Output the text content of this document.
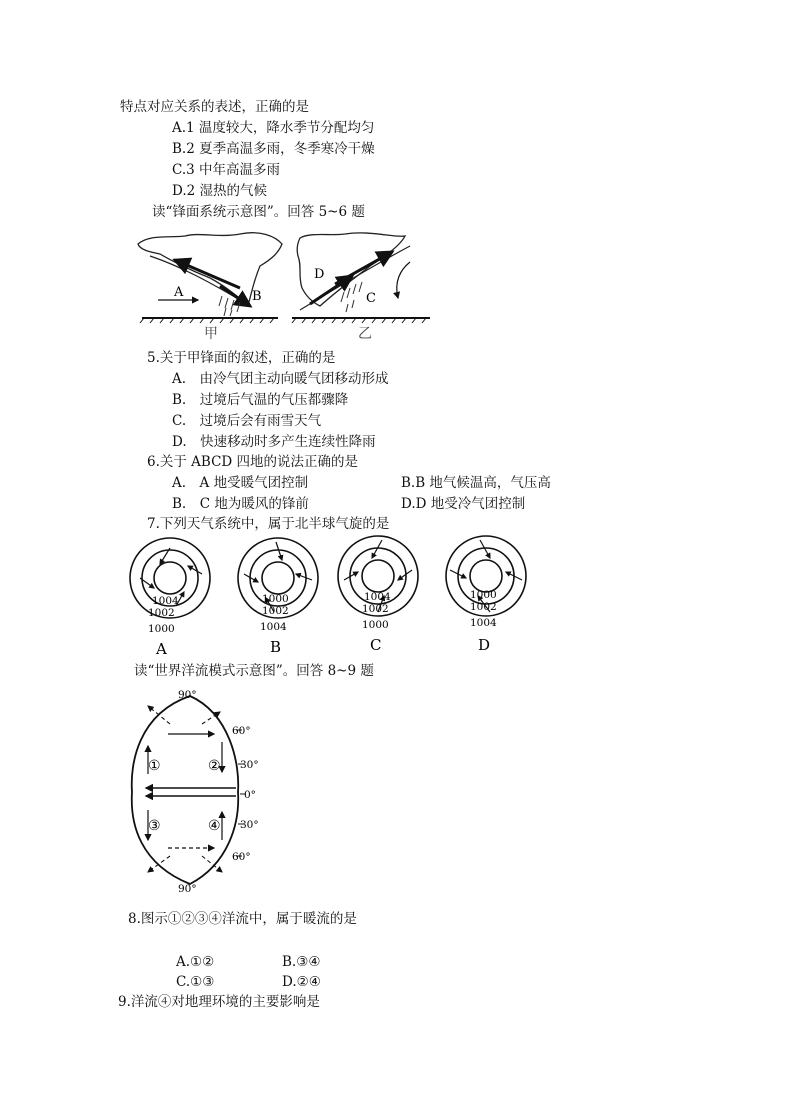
特点对应关系的表述，正确的是
A.1 温度较大，降水季节分配均匀
B.2 夏季高温多雨，冬季寒冷干燥
C.3 中年高温多雨
D.2 湿热的气候
读“锋面系统示意图”。回答 5~6 题
A	B
甲
D
C
乙
5.关于甲锋面的叙述，正确的是
A.　由冷气团主动向暖气团移动形成
B.　过境后气温的气压都骤降
C.　过境后会有雨雪天气
D.　快速移动时多产生连续性降雨
6.关于 ABCD 四地的说法正确的是
A.　A 地受暖气团控制	B.B 地气候温高，气压高
B.　C 地为暖风的锋前	D.D 地受冷气团控制
7.下列天气系统中，属于北半球气旋的是
1004
1002
1000
A
1000
1002
1004
B
1004
1002
1000
C
1000
1002
1004
D
读“世界洋流模式示意图”。回答 8~9 题
90°
60°
30°
0°
30°
60°
90°
①	②
③	④
8.图示①②③④洋流中，属于暖流的是
A.①②	B.③④
C.①③	D.②④
9.洋流④对地理环境的主要影响是
